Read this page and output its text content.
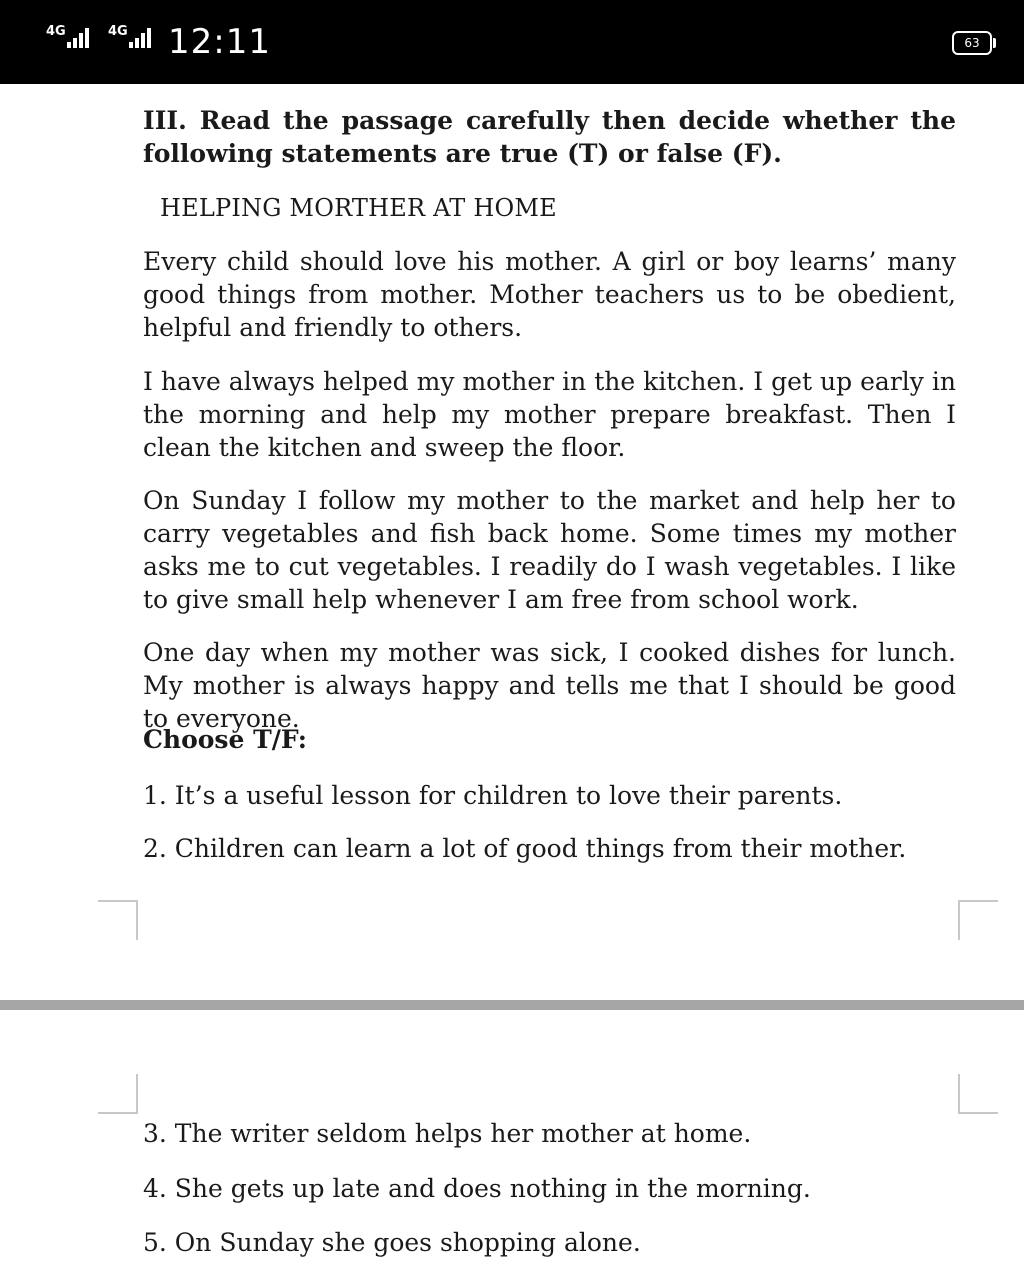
4G	4G 12:11	63
III. Read the passage carefully then decide whether the following statements are true (T) or false (F).
HELPING MORTHER AT HOME
Every child should love his mother. A girl or boy learns’ many good things from mother. Mother teachers us to be obedient, helpful and friendly to others.
I have always helped my mother in the kitchen. I get up early in the morning and help my mother prepare breakfast. Then I clean the kitchen and sweep the floor.
On Sunday I follow my mother to the market and help her to carry vegetables and fish back home. Some times my mother asks me to cut vegetables. I readily do I wash vegetables. I like to give small help whenever I am free from school work.
One day when my mother was sick, I cooked dishes for lunch. My mother is always happy and tells me that I should be good to everyone.
Choose T/F:
1. It’s a useful lesson for children to love their parents.
2. Children can learn a lot of good things from their mother.
3. The writer seldom helps her mother at home.
4. She gets up late and does nothing in the morning.
5. On Sunday she goes shopping alone.
